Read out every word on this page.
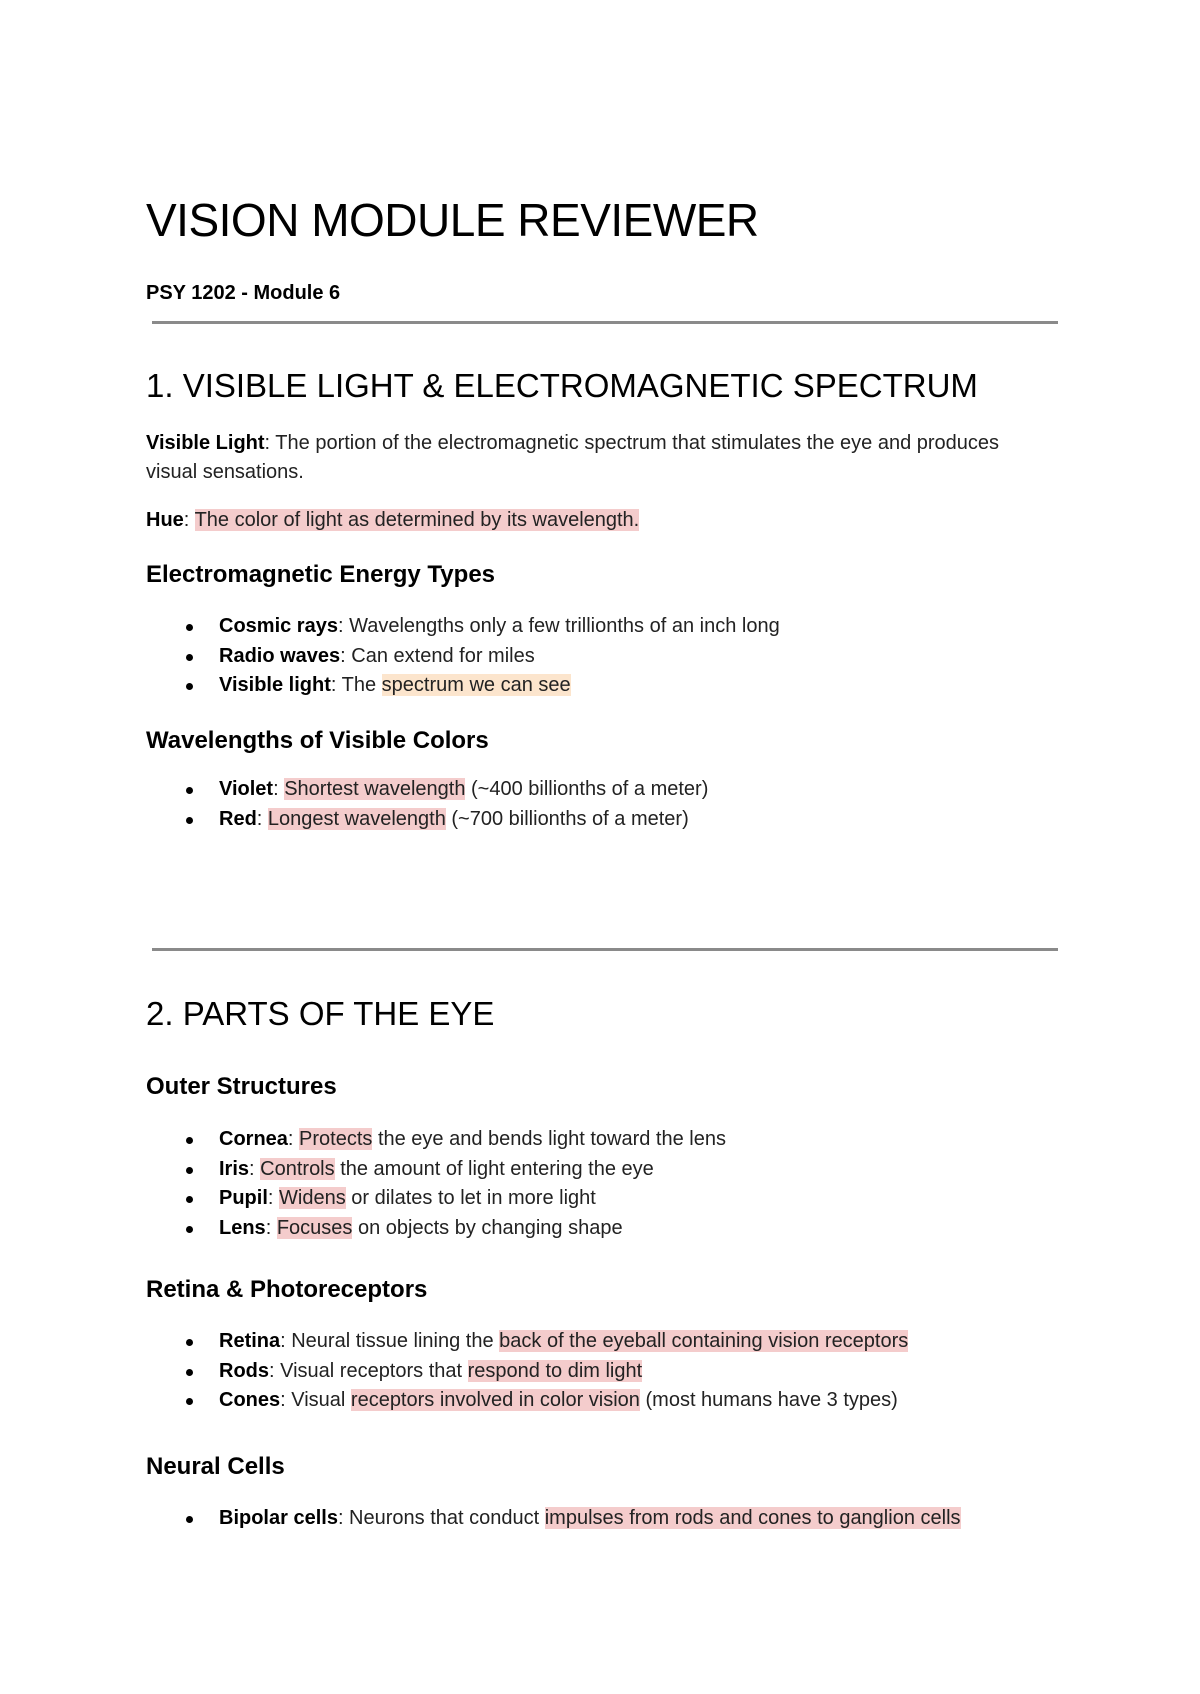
VISION MODULE REVIEWER
PSY 1202 - Module 6
1. VISIBLE LIGHT & ELECTROMAGNETIC SPECTRUM

Visible Light: The portion of the electromagnetic spectrum that stimulates the eye and produces visual sensations.

Hue: The color of light as determined by its wavelength.

Electromagnetic Energy Types
Cosmic rays: Wavelengths only a few trillionths of an inch long
Radio waves: Can extend for miles
Visible light: The spectrum we can see
Wavelengths of Visible Colors
Violet: Shortest wavelength (~400 billionths of a meter)
Red: Longest wavelength (~700 billionths of a meter)
2. PARTS OF THE EYE
Outer Structures
Cornea: Protects the eye and bends light toward the lens
Iris: Controls the amount of light entering the eye
Pupil: Widens or dilates to let in more light
Lens: Focuses on objects by changing shape
Retina & Photoreceptors
Retina: Neural tissue lining the back of the eyeball containing vision receptors
Rods: Visual receptors that respond to dim light
Cones: Visual receptors involved in color vision (most humans have 3 types)
Neural Cells
Bipolar cells: Neurons that conduct impulses from rods and cones to ganglion cells
